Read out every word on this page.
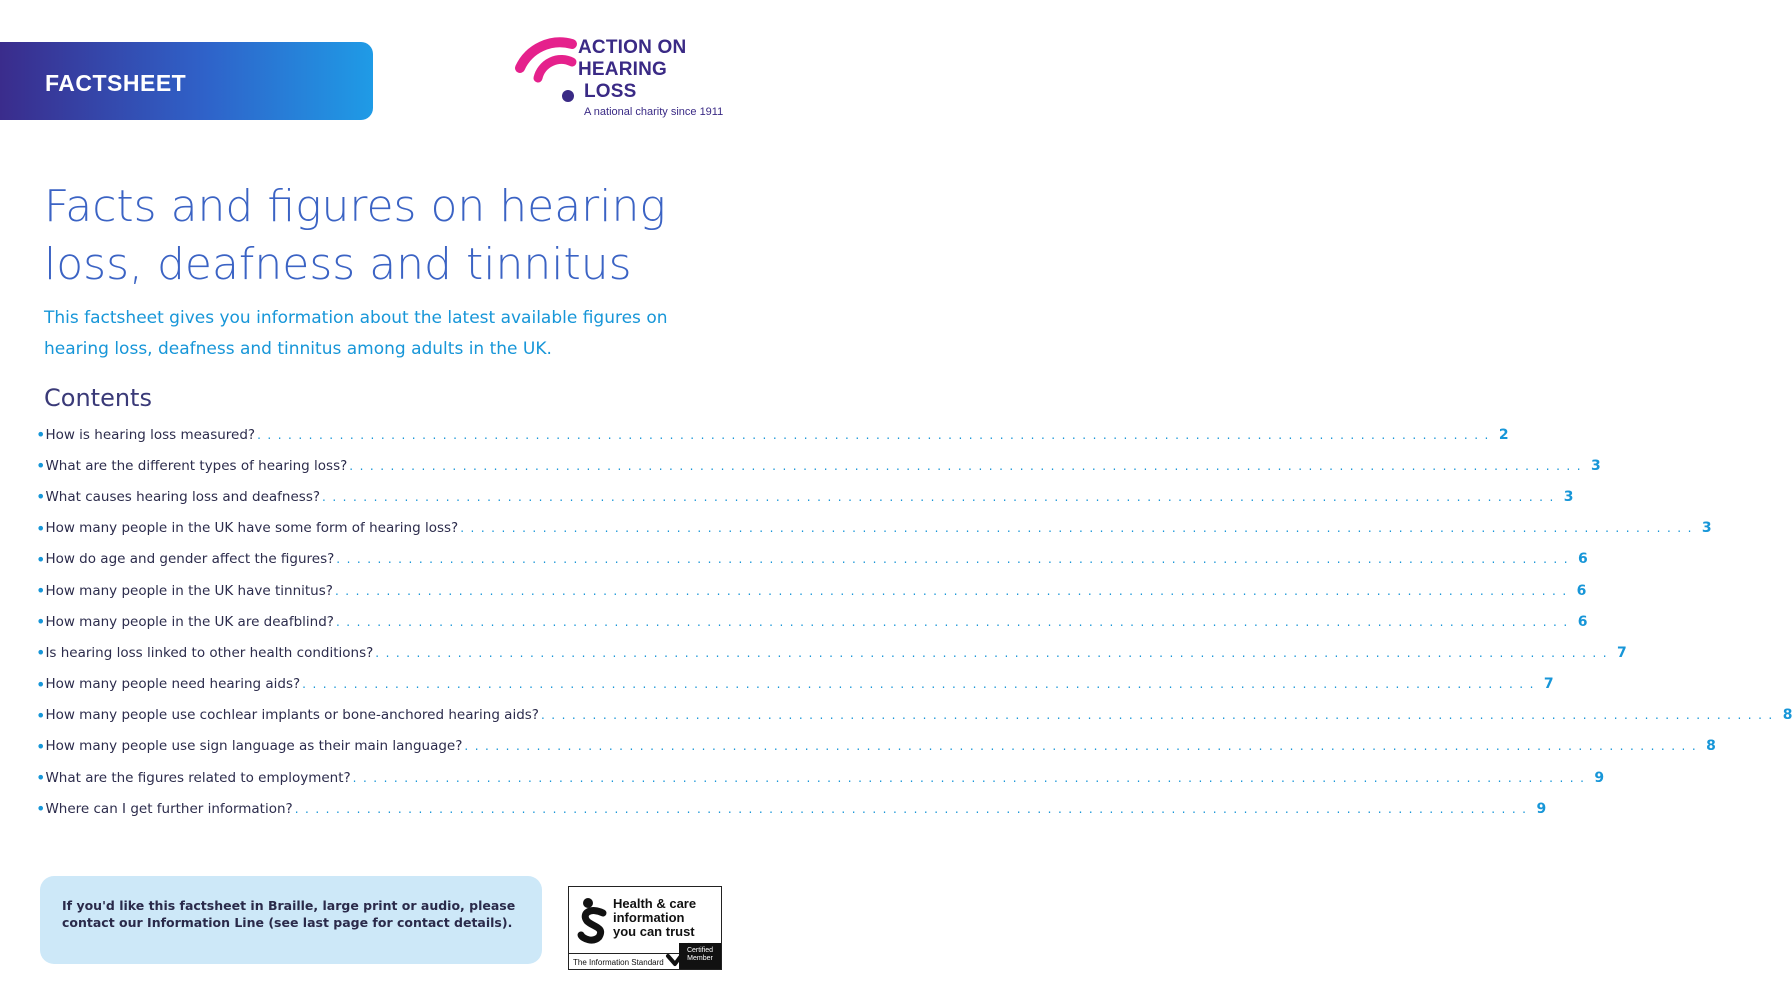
FACTSHEET
ACTION ON
HEARING
LOSS
A national charity since 1911
Facts and figures on hearing loss, deafness and tinnitus

This factsheet gives you information about the latest available figures on hearing loss, deafness and tinnitus among adults in the UK.

Contents
• How is hearing loss measured? ........................................................................................................................ 2
• What are the different types of hearing loss? ........................................................................................................................ 3
• What causes hearing loss and deafness? ........................................................................................................................ 3
• How many people in the UK have some form of hearing loss? ........................................................................................................................ 3
• How do age and gender affect the figures? ........................................................................................................................ 6
• How many people in the UK have tinnitus? ........................................................................................................................ 6
• How many people in the UK are deafblind? ........................................................................................................................ 6
• Is hearing loss linked to other health conditions? ........................................................................................................................ 7
• How many people need hearing aids? ........................................................................................................................ 7
• How many people use cochlear implants or bone-anchored hearing aids? ........................................................................................................................ 8
• How many people use sign language as their main language? ........................................................................................................................ 8
• What are the figures related to employment? ........................................................................................................................ 9
• Where can I get further information? ........................................................................................................................ 9

If you'd like this factsheet in Braille, large print or audio, please contact our Information Line (see last page for contact details).

Health & care
information
you can trust
The Information Standard
Certified Member
